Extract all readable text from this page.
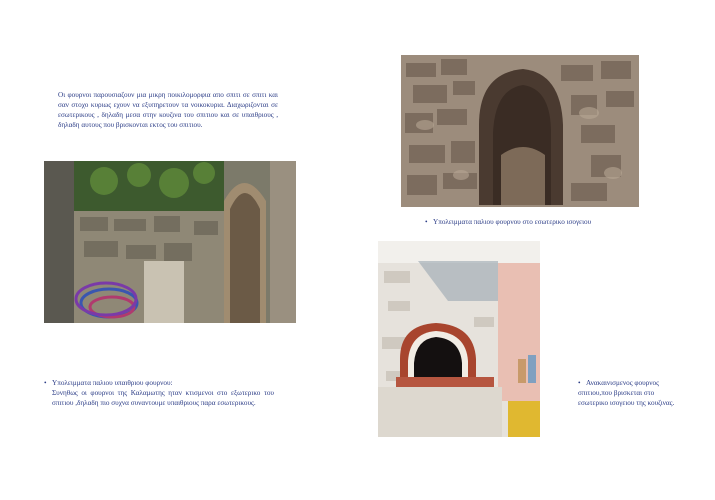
Οι φουρνοι παρουσιαζουν μια μικρη ποικιλομορφια απο σπιτι σε σπιτι και σαν στοχο κυριως εχουν να εξυπηρετουν τα νοικοκυρια. Διαχωριζονται σε εσωτερικους , δηλαδη μεσα στην κουζινα του σπιτιου και σε υπαιθριους , δηλαδη αυτους που βρισκονται εκτος του σπιτιου.
• Υπολειμματα παλιου φουρνου στο εσωτερικο ισογειου
• Υπολειμματα παλιου υπαιθριου φουρνου:
Συνηθως οι φουρνοι της Καλαμωτης ηταν κτισμενοι στο εξωτερικο του σπιτιου ,δηλαδη πιο συχνα συναντουμε υπαιθριους παρα εσωτερικους.
• Ανακαινισμενος φουρνος σπιτιου,που βρισκεται στο εσωτερικο ισογειου της κουζινας.
